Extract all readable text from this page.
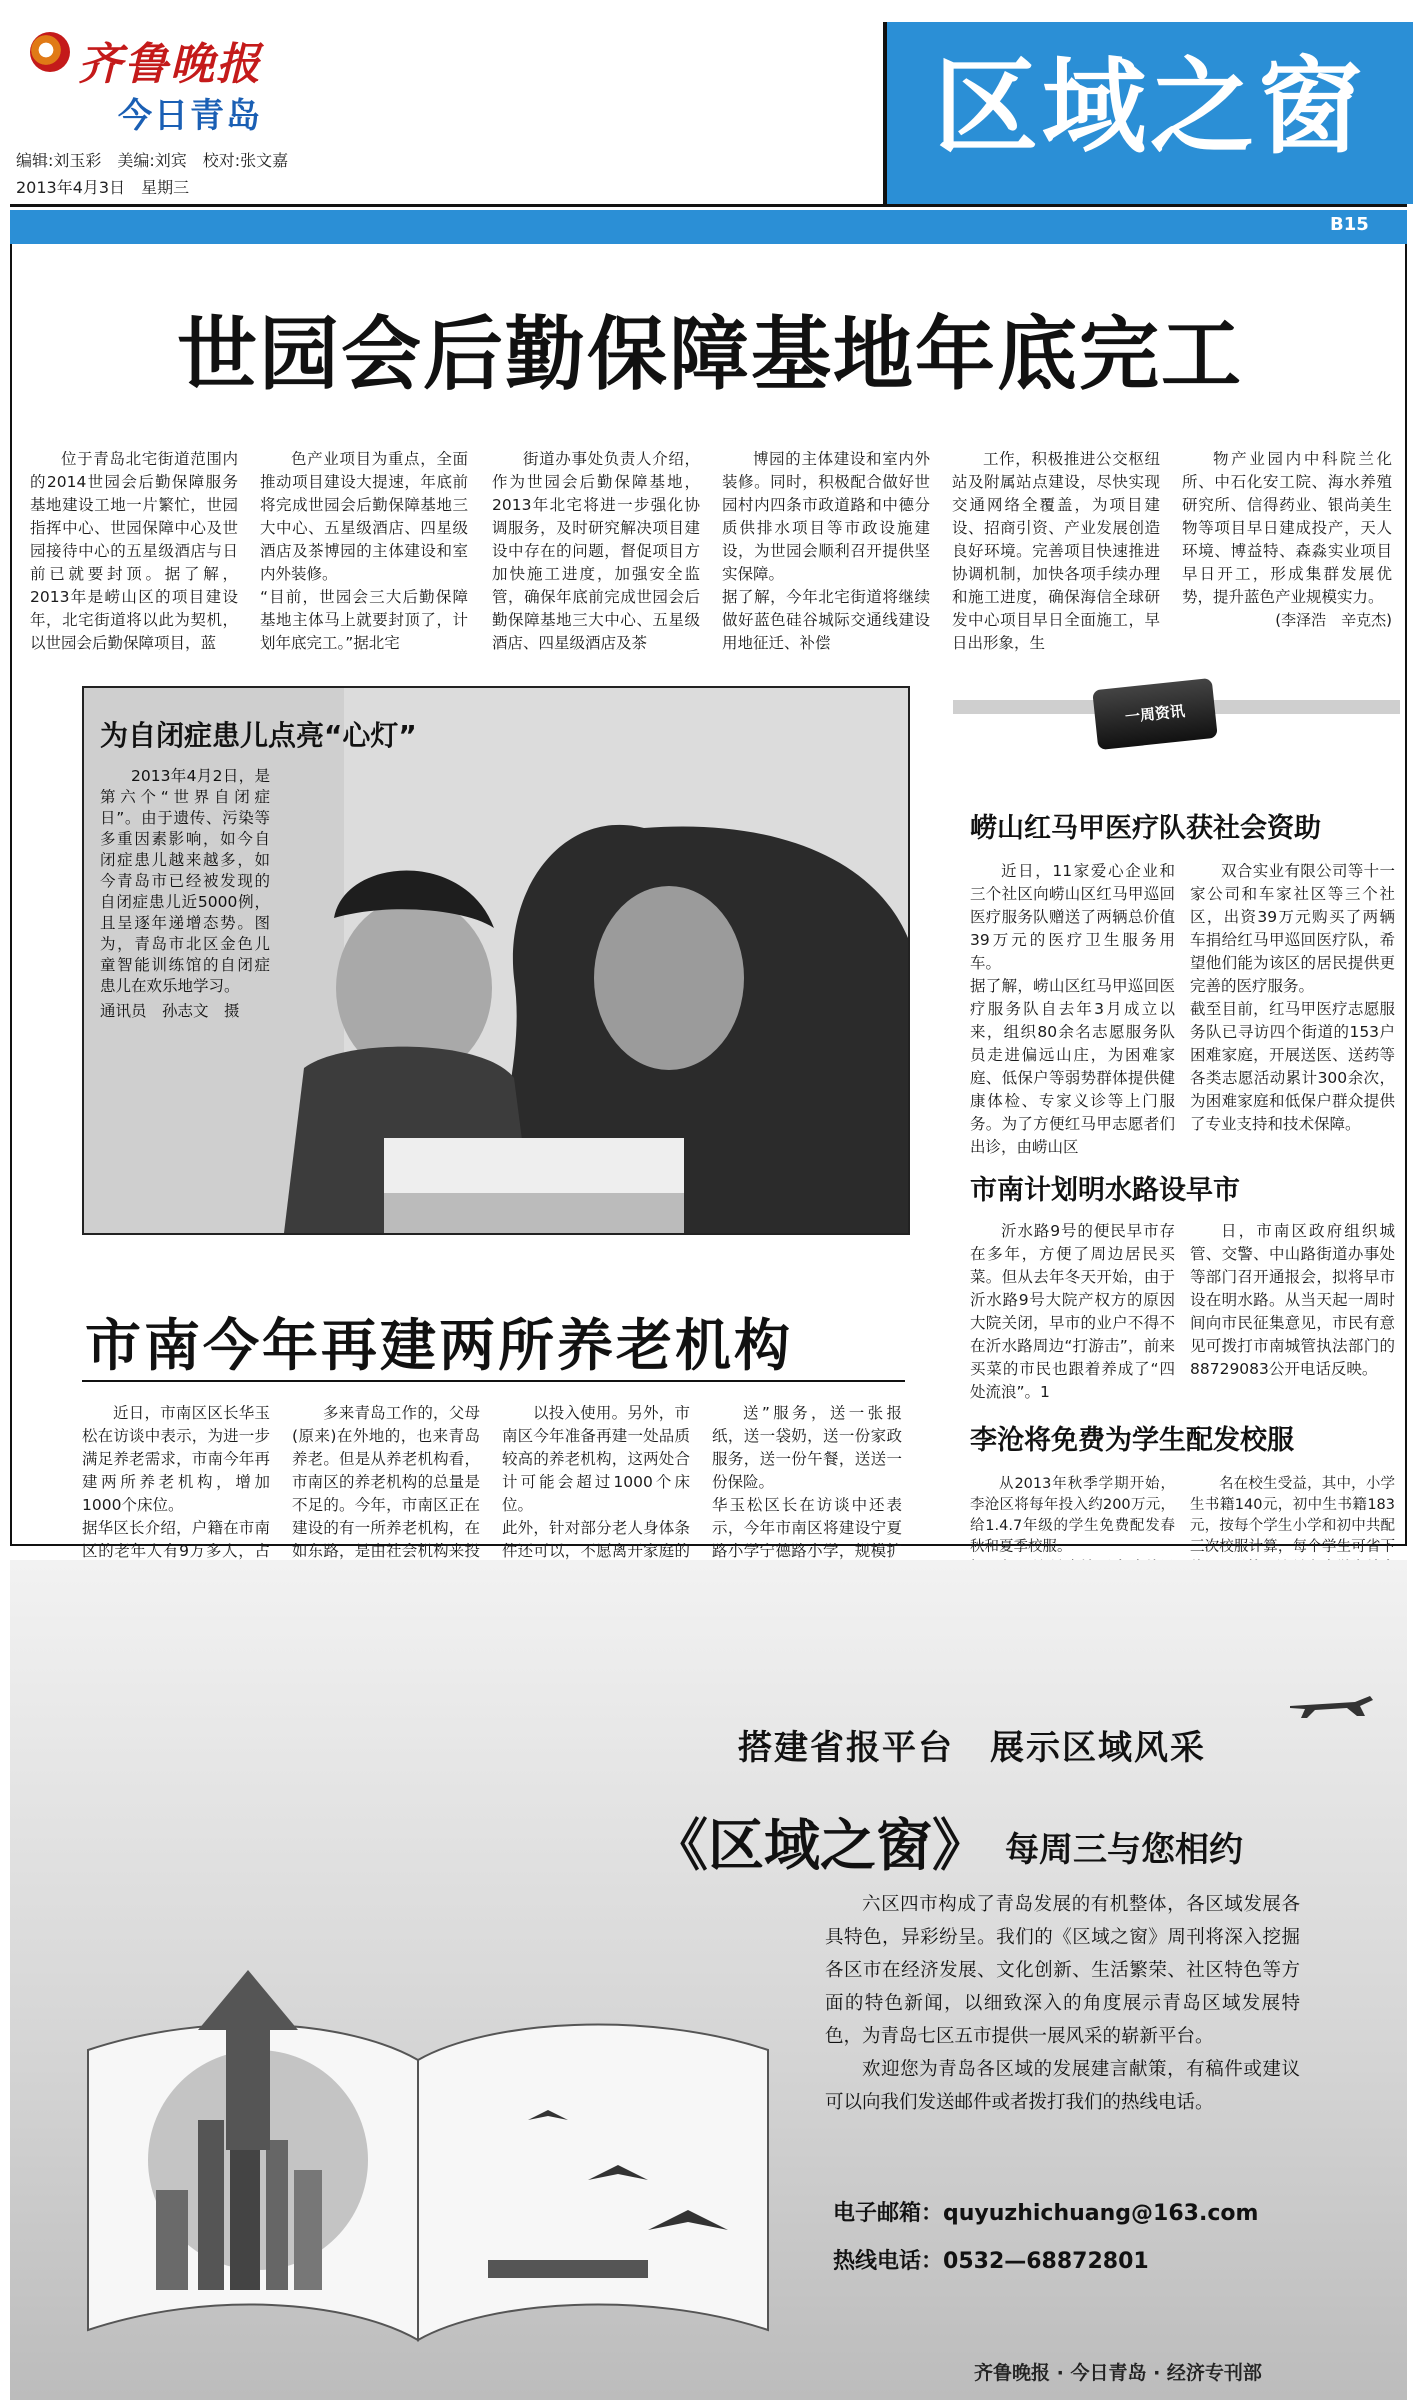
齐鲁晚报
今日青岛
编辑:刘玉彩　美编:刘宾　校对:张文嘉
2013年4月3日　星期三
区域之窗
B15
世园会后勤保障基地年底完工

位于青岛北宅街道范围内的2014世园会后勤保障服务基地建设工地一片繁忙，世园指挥中心、世园保障中心及世园接待中心的五星级酒店与日前已就要封顶。据了解，2013年是崂山区的项目建设年，北宅街道将以此为契机，以世园会后勤保障项目，蓝

色产业项目为重点，全面推动项目建设大提速，年底前将完成世园会后勤保障基地三大中心、五星级酒店、四星级酒店及茶博园的主体建设和室内外装修。
“目前，世园会三大后勤保障基地主体马上就要封顶了，计划年底完工。”据北宅

街道办事处负责人介绍，作为世园会后勤保障基地，2013年北宅将进一步强化协调服务，及时研究解决项目建设中存在的问题，督促项目方加快施工进度，加强安全监管，确保年底前完成世园会后勤保障基地三大中心、五星级酒店、四星级酒店及茶

博园的主体建设和室内外装修。同时，积极配合做好世园村内四条市政道路和中德分质供排水项目等市政设施建设，为世园会顺利召开提供坚实保障。
据了解，今年北宅街道将继续做好蓝色硅谷城际交通线建设用地征迁、补偿

工作，积极推进公交枢纽站及附属站点建设，尽快实现交通网络全覆盖，为项目建设、招商引资、产业发展创造良好环境。完善项目快速推进协调机制，加快各项手续办理和施工进度，确保海信全球研发中心项目早日全面施工，早日出形象，生

物产业园内中科院兰化所、中石化安工院、海水养殖研究所、信得药业、银尚美生物等项目早日建成投产，天人环境、博益特、森淼实业项目早日开工，形成集群发展优势，提升蓝色产业规模实力。

(李泽浩　辛克杰)
为自闭症患儿点亮“心灯”
2013年4月2日，是第六个“世界自闭症日”。由于遗传、污染等多重因素影响，如今自闭症患儿越来越多，如今青岛市已经被发现的自闭症患儿近5000例，且呈逐年递增态势。图为，青岛市北区金色儿童智能训练馆的自闭症患儿在欢乐地学习。
通讯员　孙志文　摄
一周资讯
崂山红马甲医疗队获社会资助

近日，11家爱心企业和三个社区向崂山区红马甲巡回医疗服务队赠送了两辆总价值39万元的医疗卫生服务用车。
据了解，崂山区红马甲巡回医疗服务队自去年3月成立以来，组织80余名志愿服务队员走进偏远山庄，为困难家庭、低保户等弱势群体提供健康体检、专家义诊等上门服务。为了方便红马甲志愿者们出诊，由崂山区

双合实业有限公司等十一家公司和车家社区等三个社区，出资39万元购买了两辆车捐给红马甲巡回医疗队，希望他们能为该区的居民提供更完善的医疗服务。
截至目前，红马甲医疗志愿服务队已寻访四个街道的153户困难家庭，开展送医、送药等各类志愿活动累计300余次，为困难家庭和低保户群众提供了专业支持和技术保障。

市南计划明水路设早市

沂水路9号的便民早市存在多年，方便了周边居民买菜。但从去年冬天开始，由于沂水路9号大院产权方的原因大院关闭，早市的业户不得不在沂水路周边“打游击”，前来买菜的市民也跟着养成了“四处流浪”。1

日，市南区政府组织城管、交警、中山路街道办事处等部门召开通报会，拟将早市设在明水路。从当天起一周时间向市民征集意见，市民有意见可拨打市南城管执法部门的88729083公开电话反映。

李沧将免费为学生配发校服

从2013年秋季学期开始，李沧区将每年投入约200万元，给1.4.7年级的学生免费配发春秋和夏季校服。

名在校生受益，其中，小学生书籍140元，初中生书籍183元，按每个学生小学和初中共配三次校服计算，每个学生可省下

市南今年再建两所养老机构

近日，市南区区长华玉松在访谈中表示，为进一步满足养老需求，市南今年再建两所养老机构，增加1000个床位。
据华区长介绍，户籍在市南区的老年人有9万多人，占

多来青岛工作的，父母(原来)在外地的，也来青岛养老。但是从养老机构看，市南区的养老机构的总量是不足的。今年，市南区正在建设的有一所养老机构，在如东路，是由社会机构来投

以投入使用。另外，市南区今年准备再建一处品质较高的养老机构，这两处合计可能会超过1000个床位。
此外，针对部分老人身体条件还可以，不愿离开家庭的

送”服务，送一张报纸，送一袋奶，送一份家政服务，送一份午餐，送送一份保险。
华玉松区长在访谈中还表示，今年市南区将建设宁夏路小学宁德路小学，规模扩

搭建省报平台　展示区域风采
《区域之窗》 每周三与您相约

六区四市构成了青岛发展的有机整体，各区域发展各具特色，异彩纷呈。我们的《区域之窗》周刊将深入挖掘各区市在经济发展、文化创新、生活繁荣、社区特色等方面的特色新闻，以细致深入的角度展示青岛区域发展特色，为青岛七区五市提供一展风采的崭新平台。

欢迎您为青岛各区域的发展建言献策，有稿件或建议可以向我们发送邮件或者拨打我们的热线电话。

电子邮箱：quyuzhichuang@163.com
热线电话：0532—68872801
齐鲁晚报 · 今日青岛 · 经济专刊部
